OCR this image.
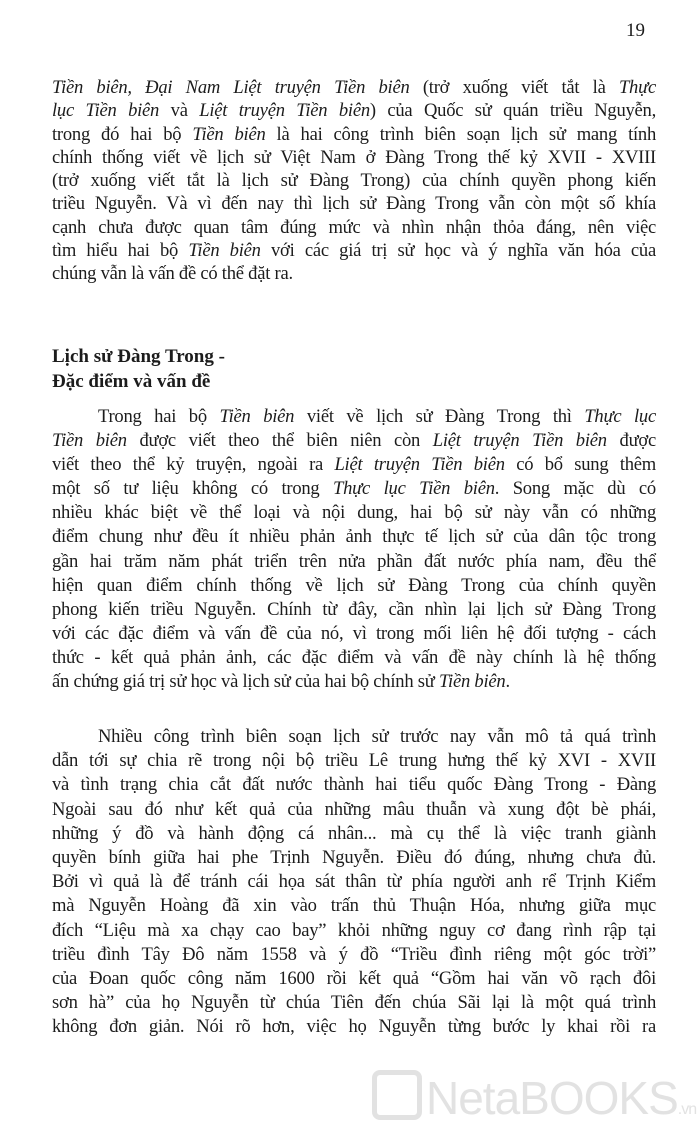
19
Tiền biên, Đại Nam Liệt truyện Tiền biên (trở xuống viết tắt là Thực
lục Tiền biên và Liệt truyện Tiền biên) của Quốc sử quán triều Nguyễn,
trong đó hai bộ Tiền biên là hai công trình biên soạn lịch sử mang tính
chính thống viết về lịch sử Việt Nam ở Đàng Trong thế kỷ XVII - XVIII
(trở xuống viết tắt là lịch sử Đàng Trong) của chính quyền phong kiến
triều Nguyễn. Và vì đến nay thì lịch sử Đàng Trong vẫn còn một số khía
cạnh chưa được quan tâm đúng mức và nhìn nhận thỏa đáng, nên việc
tìm hiểu hai bộ Tiền biên với các giá trị sử học và ý nghĩa văn hóa của
chúng vẫn là vấn đề có thể đặt ra.
Lịch sử Đàng Trong -
Đặc điểm và vấn đề
Trong hai bộ Tiền biên viết về lịch sử Đàng Trong thì Thực lục
Tiền biên được viết theo thể biên niên còn Liệt truyện Tiền biên được
viết theo thể kỷ truyện, ngoài ra Liệt truyện Tiền biên có bổ sung thêm
một số tư liệu không có trong Thực lục Tiền biên. Song mặc dù có
nhiều khác biệt về thể loại và nội dung, hai bộ sử này vẫn có những
điểm chung như đều ít nhiều phản ảnh thực tế lịch sử của dân tộc trong
gần hai trăm năm phát triển trên nửa phần đất nước phía nam, đều thể
hiện quan điểm chính thống về lịch sử Đàng Trong của chính quyền
phong kiến triều Nguyễn. Chính từ đây, cần nhìn lại lịch sử Đàng Trong
với các đặc điểm và vấn đề của nó, vì trong mối liên hệ đối tượng - cách
thức - kết quả phản ảnh, các đặc điểm và vấn đề này chính là hệ thống
ấn chứng giá trị sử học và lịch sử của hai bộ chính sử Tiền biên.
Nhiều công trình biên soạn lịch sử trước nay vẫn mô tả quá trình
dẫn tới sự chia rẽ trong nội bộ triều Lê trung hưng thế kỷ XVI - XVII
và tình trạng chia cắt đất nước thành hai tiểu quốc Đàng Trong - Đàng
Ngoài sau đó như kết quả của những mâu thuẫn và xung đột bè phái,
những ý đồ và hành động cá nhân... mà cụ thể là việc tranh giành
quyền bính giữa hai phe Trịnh Nguyễn. Điều đó đúng, nhưng chưa đủ.
Bởi vì quả là để tránh cái họa sát thân từ phía người anh rể Trịnh Kiểm
mà Nguyễn Hoàng đã xin vào trấn thủ Thuận Hóa, nhưng giữa mục
đích “Liệu mà xa chạy cao bay” khỏi những nguy cơ đang rình rập tại
triều đình Tây Đô năm 1558 và ý đồ “Triều đình riêng một góc trời”
của Đoan quốc công năm 1600 rồi kết quả “Gồm hai văn võ rạch đôi
sơn hà” của họ Nguyễn từ chúa Tiên đến chúa Sãi lại là một quá trình
không đơn giản. Nói rõ hơn, việc họ Nguyễn từng bước ly khai rồi ra
NetaBOOKS.vn
